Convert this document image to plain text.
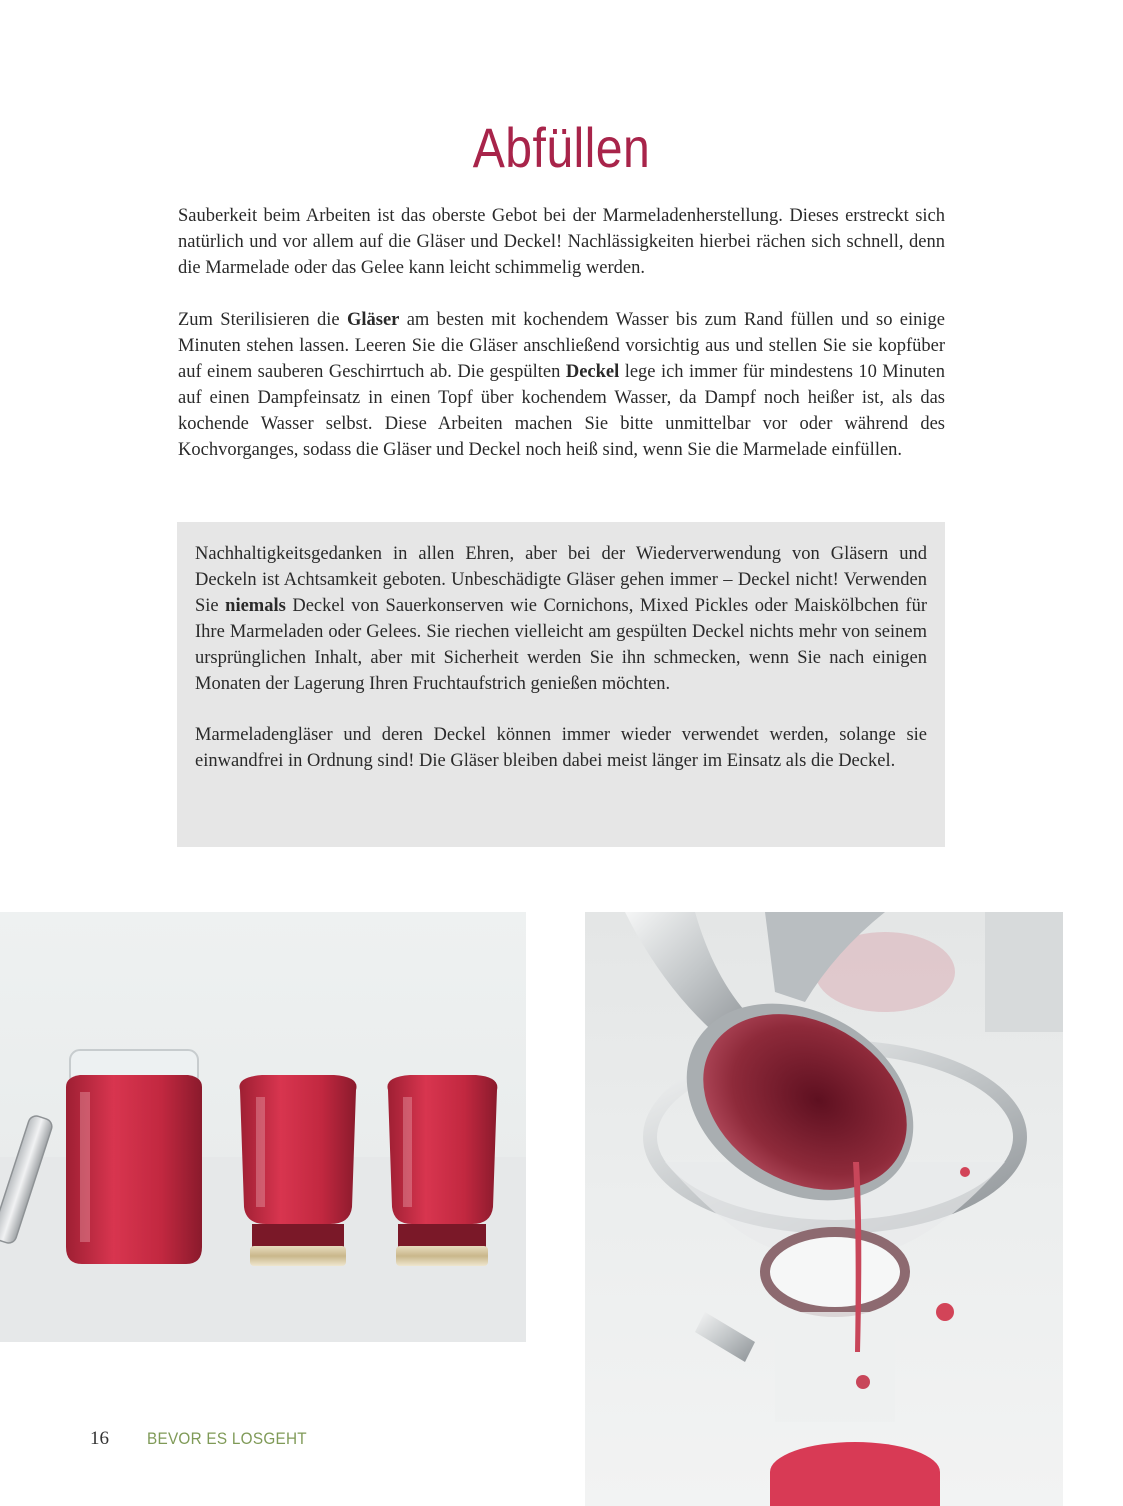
Abfüllen

Sauberkeit beim Arbeiten ist das oberste Gebot bei der Marmeladenherstellung. Dieses erstreckt sich natürlich und vor allem auf die Gläser und Deckel! Nachlässigkeiten hierbei rächen sich schnell, denn die Marmelade oder das Gelee kann leicht schimmelig werden.

Zum Sterilisieren die Gläser am besten mit kochendem Wasser bis zum Rand füllen und so einige Minuten stehen lassen. Leeren Sie die Gläser anschließend vorsichtig aus und stellen Sie sie kopfüber auf einem sauberen Geschirrtuch ab. Die gespülten Deckel lege ich immer für mindestens 10 Minuten auf einen Dampfeinsatz in einen Topf über kochendem Wasser, da Dampf noch heißer ist, als das kochende Wasser selbst. Diese Arbeiten machen Sie bitte unmittelbar vor oder während des Kochvorganges, sodass die Gläser und Deckel noch heiß sind, wenn Sie die Marmelade einfüllen.

Nachhaltigkeitsgedanken in allen Ehren, aber bei der Wiederverwendung von Gläsern und Deckeln ist Achtsamkeit geboten. Unbeschädigte Gläser gehen immer – Deckel nicht! Verwenden Sie niemals Deckel von Sauerkonserven wie Cornichons, Mixed Pickles oder Maiskölbchen für Ihre Marmeladen oder Gelees. Sie riechen vielleicht am gespülten Deckel nichts mehr von seinem ursprünglichen Inhalt, aber mit Sicherheit werden Sie ihn schmecken, wenn Sie nach einigen Monaten der Lagerung Ihren Fruchtaufstrich genießen möchten.

Marmeladengläser und deren Deckel können immer wieder verwendet werden, solange sie einwandfrei in Ordnung sind! Die Gläser bleiben dabei meist länger im Einsatz als die Deckel.

16 BEVOR ES LOSGEHT
